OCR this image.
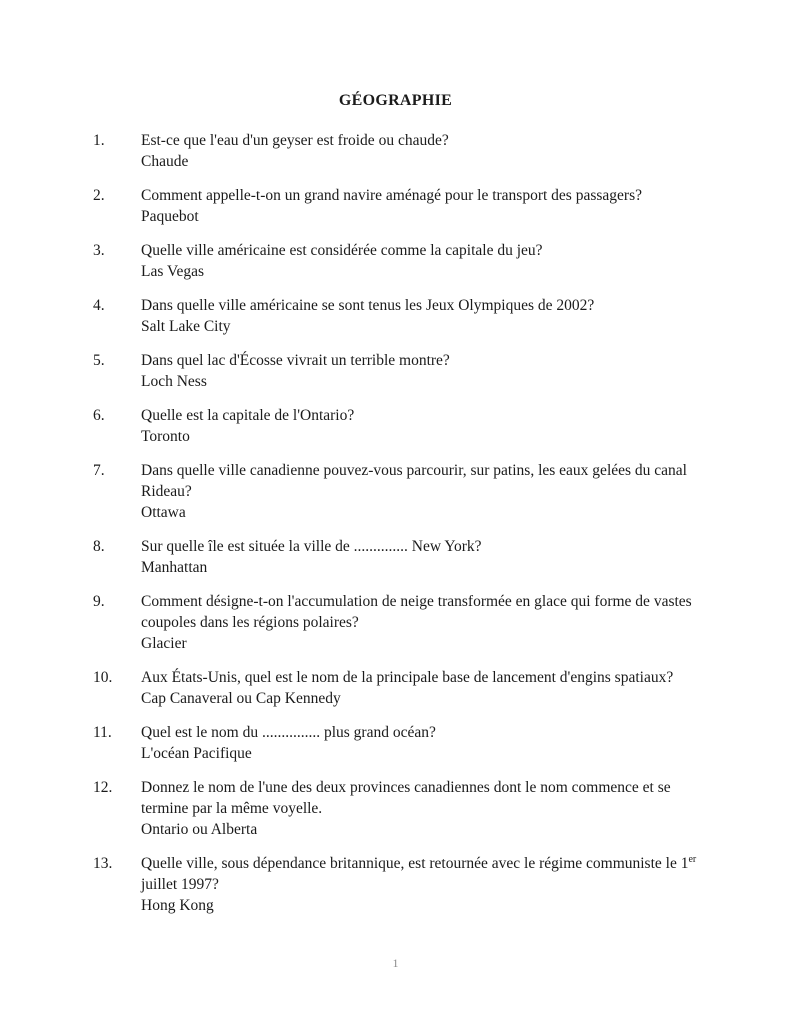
GÉOGRAPHIE
1.	Est-ce que l'eau d'un geyser est froide ou chaude?
Chaude
2.	Comment appelle-t-on un grand navire aménagé pour le transport des passagers?
Paquebot
3.	Quelle ville américaine est considérée comme la capitale du jeu?
Las Vegas
4.	Dans quelle ville américaine se sont tenus les Jeux Olympiques de 2002?
Salt Lake City
5.	Dans quel lac d'Écosse vivrait un terrible montre?
Loch Ness
6.	Quelle est la capitale de l'Ontario?
Toronto
7.	Dans quelle ville canadienne pouvez-vous parcourir, sur patins, les eaux gelées du canal
Rideau?
Ottawa
8.	Sur quelle île est située la ville de .............. New York?
Manhattan
9.	Comment désigne-t-on l'accumulation de neige transformée en glace qui forme de vastes
coupoles dans les régions polaires?
Glacier
10.	Aux États-Unis, quel est le nom de la principale base de lancement d'engins spatiaux?
Cap Canaveral ou Cap Kennedy
11.	Quel est le nom du ............... plus grand océan?
L'océan Pacifique
12.	Donnez le nom de l'une des deux provinces canadiennes dont le nom commence et se
termine par la même voyelle.
Ontario ou Alberta
13.	Quelle ville, sous dépendance britannique, est retournée avec le régime communiste le 1er
juillet 1997?
Hong Kong
1
